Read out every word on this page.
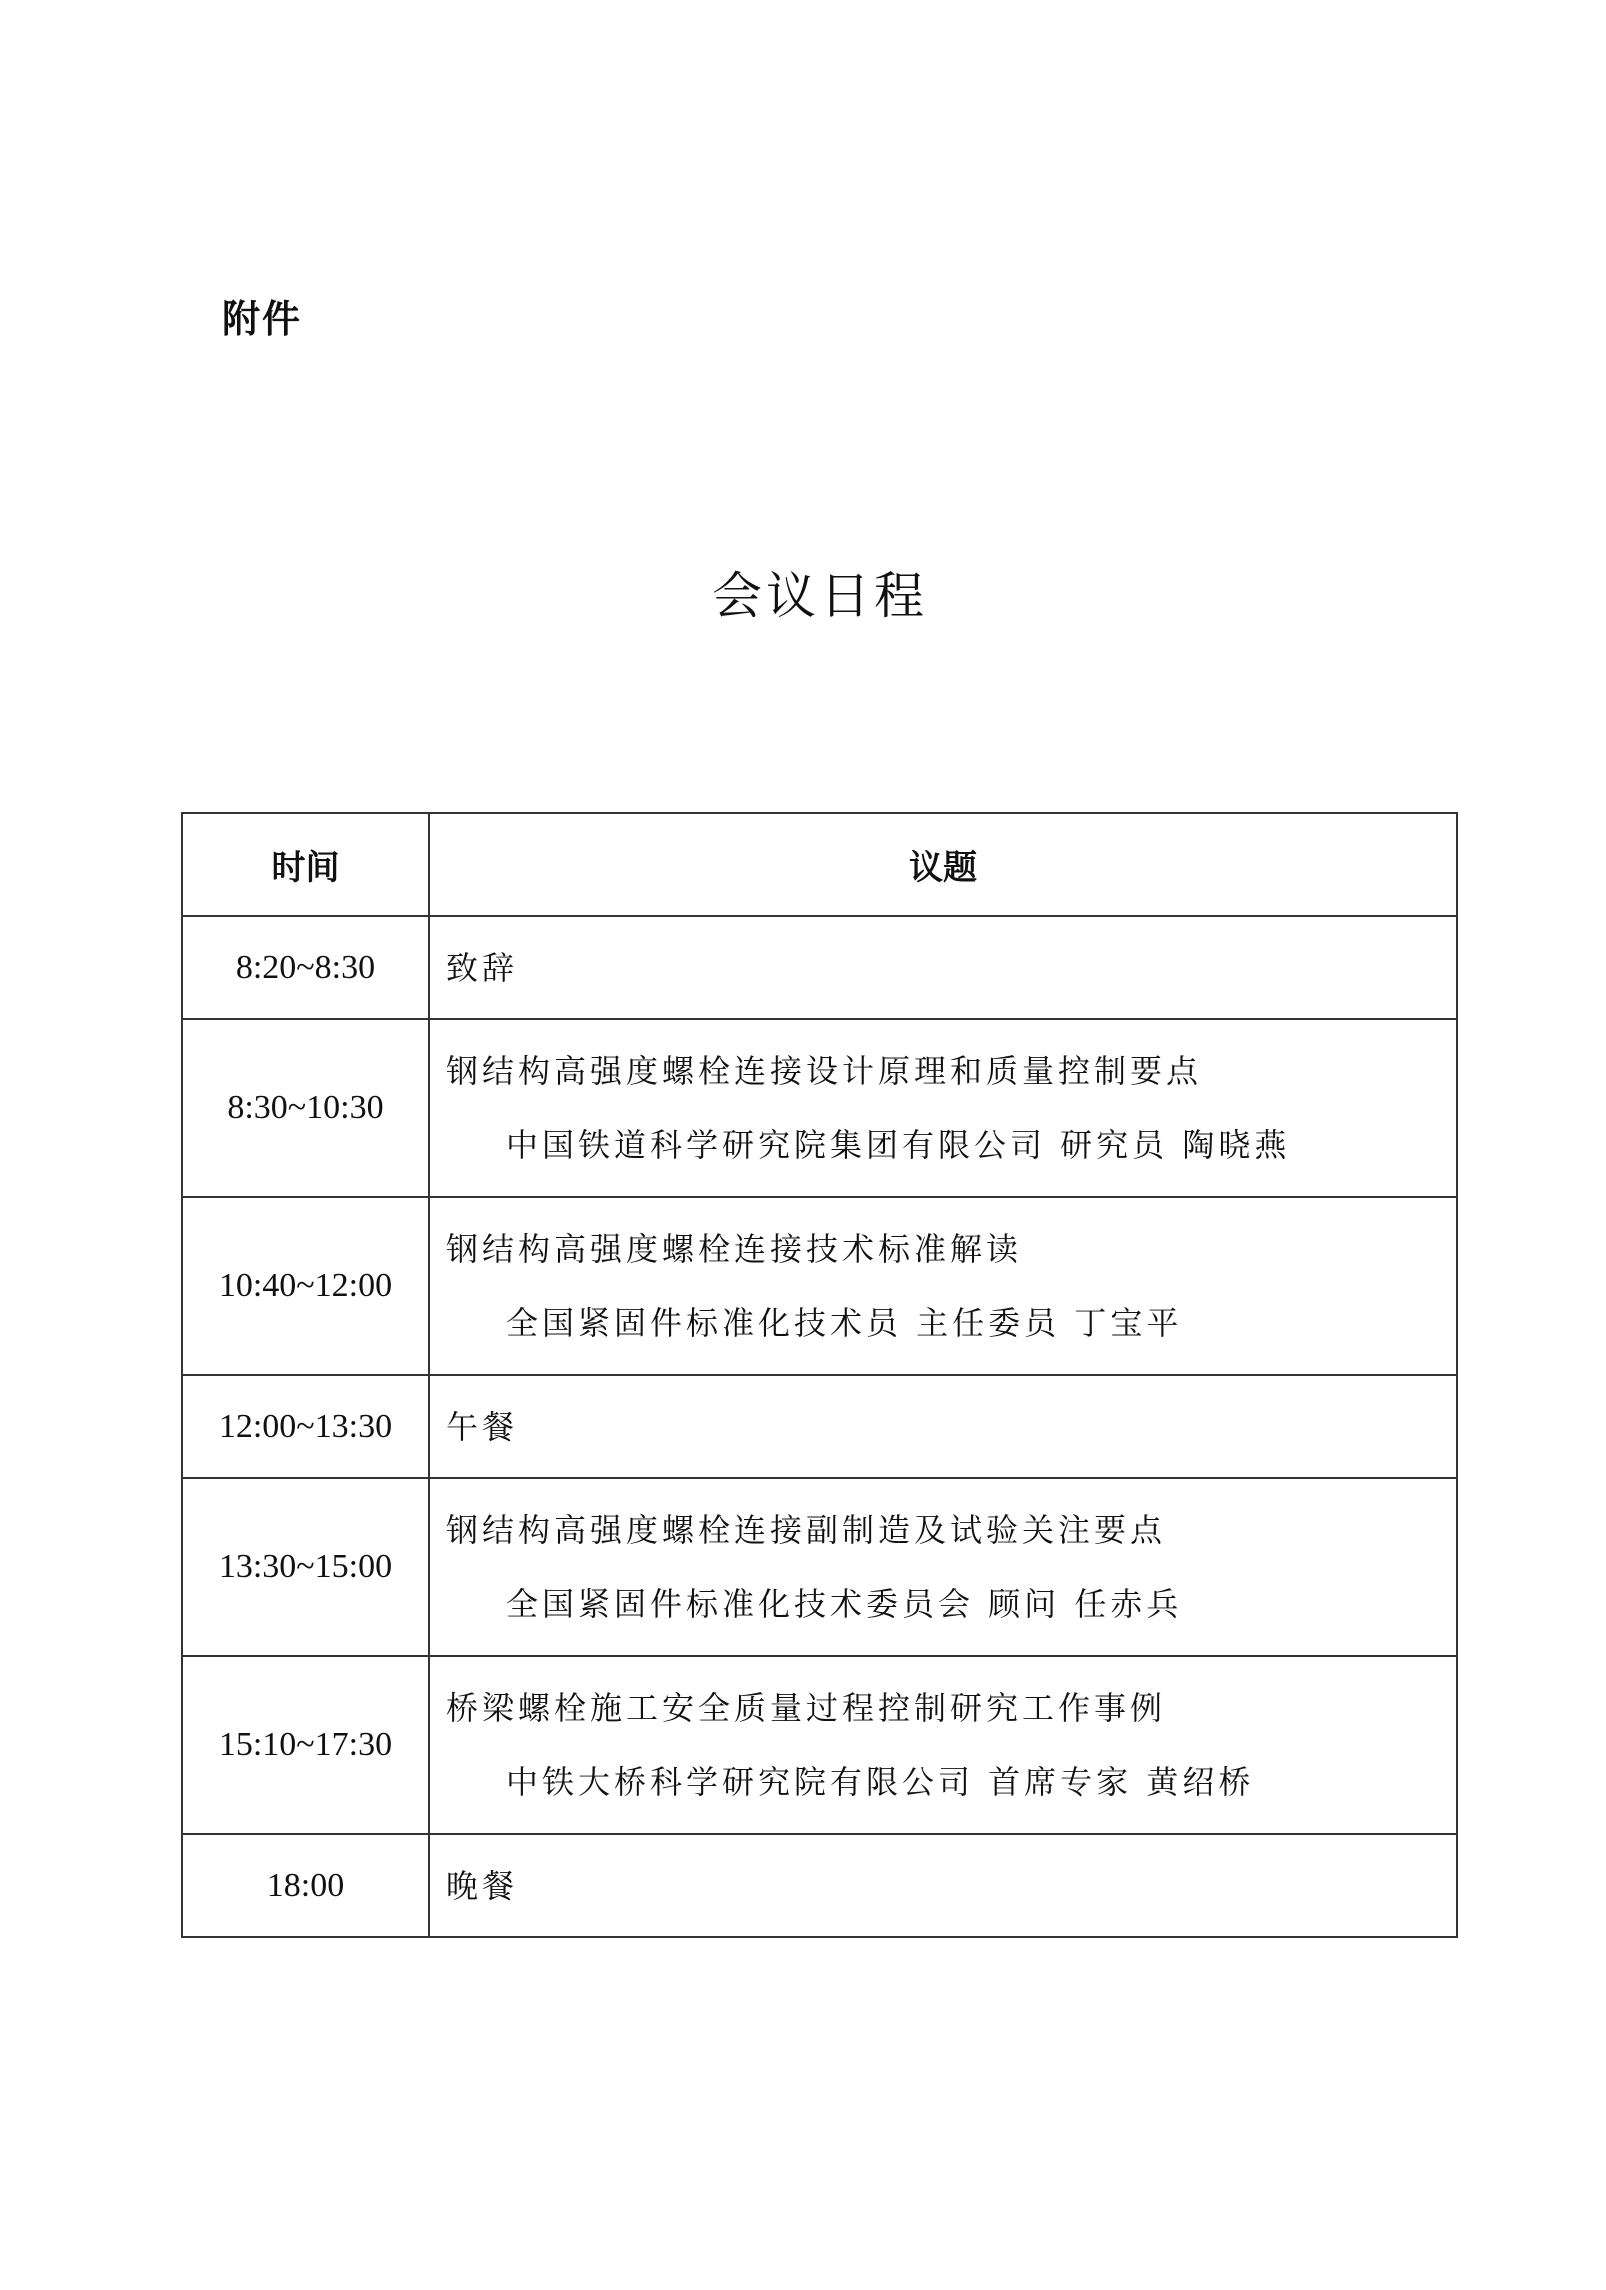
附件
会议日程
时间	议题
8:20~8:30	致辞

8:30~10:30	钢结构高强度螺栓连接设计原理和质量控制要点
中国铁道科学研究院集团有限公司 研究员 陶晓燕

10:40~12:00	钢结构高强度螺栓连接技术标准解读
全国紧固件标准化技术员 主任委员 丁宝平

12:00~13:30	午餐

13:30~15:00	钢结构高强度螺栓连接副制造及试验关注要点
全国紧固件标准化技术委员会 顾问 任赤兵

15:10~17:30	桥梁螺栓施工安全质量过程控制研究工作事例
中铁大桥科学研究院有限公司 首席专家 黄绍桥

18:00	晚餐
